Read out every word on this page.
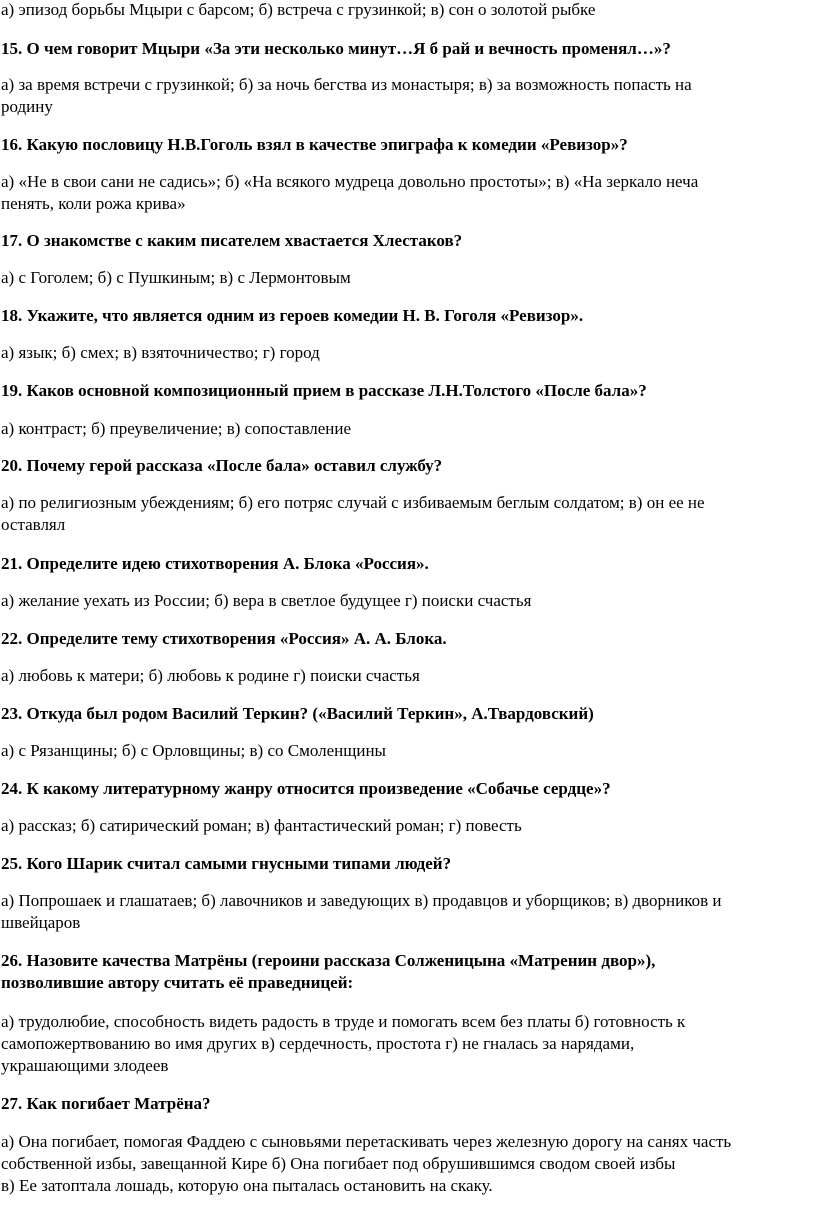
а) эпизод борьбы Мцыри с барсом; б) встреча с грузинкой; в) сон о золотой рыбке
15. О чем говорит Мцыри «За эти несколько минут…Я б рай и вечность променял…»?
а) за время встречи с грузинкой; б) за ночь бегства из монастыря; в) за возможность попасть на
родину
16. Какую пословицу Н.В.Гоголь взял в качестве эпиграфа к комедии «Ревизор»?
а) «Не в свои сани не садись»; б) «На всякого мудреца довольно простоты»; в) «На зеркало неча
пенять, коли рожа крива»
17. О знакомстве с каким писателем хвастается Хлестаков?
а) с Гоголем; б) с Пушкиным; в) с Лермонтовым
18. Укажите, что является одним из героев комедии Н. В. Гоголя «Ревизор».
а) язык; б) смех; в) взяточничество; г) город
19. Каков основной композиционный прием в рассказе Л.Н.Толстого «После бала»?
а) контраст; б) преувеличение; в) сопоставление
20. Почему герой рассказа «После бала» оставил службу?
а) по религиозным убеждениям; б) его потряс случай с избиваемым беглым солдатом; в) он ее не
оставлял
21. Определите идею стихотворения А. Блока «Россия».
а) желание уехать из России; б) вера в светлое будущее г) поиски счастья
22. Определите тему стихотворения «Россия» А. А. Блока.
а) любовь к матери; б) любовь к родине г) поиски счастья
23. Откуда был родом Василий Теркин? («Василий Теркин», А.Твардовский)
а) с Рязанщины; б) с Орловщины; в) со Смоленщины
24. К какому литературному жанру относится произведение «Собачье сердце»?
а) рассказ; б) сатирический роман; в) фантастический роман; г) повесть
25. Кого Шарик считал самыми гнусными типами людей?
а) Попрошаек и глашатаев; б) лавочников и заведующих в) продавцов и уборщиков; в) дворников и
швейцаров
26. Назовите качества Матрёны (героини рассказа Солженицына «Матренин двор»),
позволившие автору считать её праведницей:
а) трудолюбие, способность видеть радость в труде и помогать всем без платы б) готовность к
самопожертвованию во имя других в) сердечность, простота г) не гналась за нарядами,
украшающими злодеев
27. Как погибает Матрёна?
а) Она погибает, помогая Фаддею с сыновьями перетаскивать через железную дорогу на санях часть
собственной избы, завещанной Кире б) Она погибает под обрушившимся сводом своей избы
в) Ее затоптала лошадь, которую она пыталась остановить на скаку.
